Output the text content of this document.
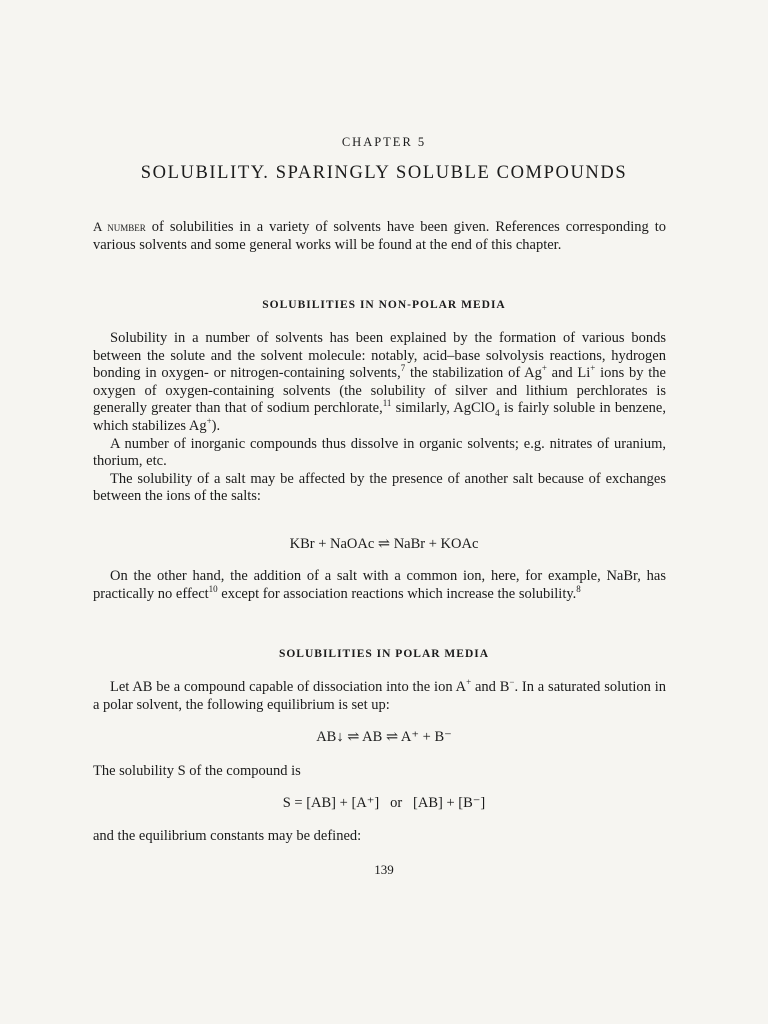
CHAPTER 5
SOLUBILITY. SPARINGLY SOLUBLE COMPOUNDS

A number of solubilities in a variety of solvents have been given. References corresponding to various solvents and some general works will be found at the end of this chapter.

SOLUBILITIES IN NON-POLAR MEDIA

Solubility in a number of solvents has been explained by the formation of various bonds between the solute and the solvent molecule: notably, acid–base solvolysis reactions, hydrogen bonding in oxygen- or nitrogen-containing solvents,$^7$ the stabilization of Ag+ and Li+ ions by the oxygen of oxygen-containing solvents (the solubility of silver and lithium perchlorates is generally greater than that of sodium perchlorate,$^{11}$ similarly, AgClO$_4$ is fairly soluble in benzene, which stabilizes Ag+).

A number of inorganic compounds thus dissolve in organic solvents; e.g. nitrates of uranium, thorium, etc.

The solubility of a salt may be affected by the presence of another salt because of exchanges between the ions of the salts:

KBr + NaOAc ⇌ NaBr + KOAc

On the other hand, the addition of a salt with a common ion, here, for example, NaBr, has practically no effect$^{10}$ except for association reactions which increase the solubility.$^8$

SOLUBILITIES IN POLAR MEDIA

Let AB be a compound capable of dissociation into the ion A+ and B−. In a saturated solution in a polar solvent, the following equilibrium is set up:

AB↓ ⇌ AB ⇌ A⁺ + B⁻

The solubility S of the compound is

S = [AB] + [A⁺]   or   [AB] + [B⁻]

and the equilibrium constants may be defined:

139
